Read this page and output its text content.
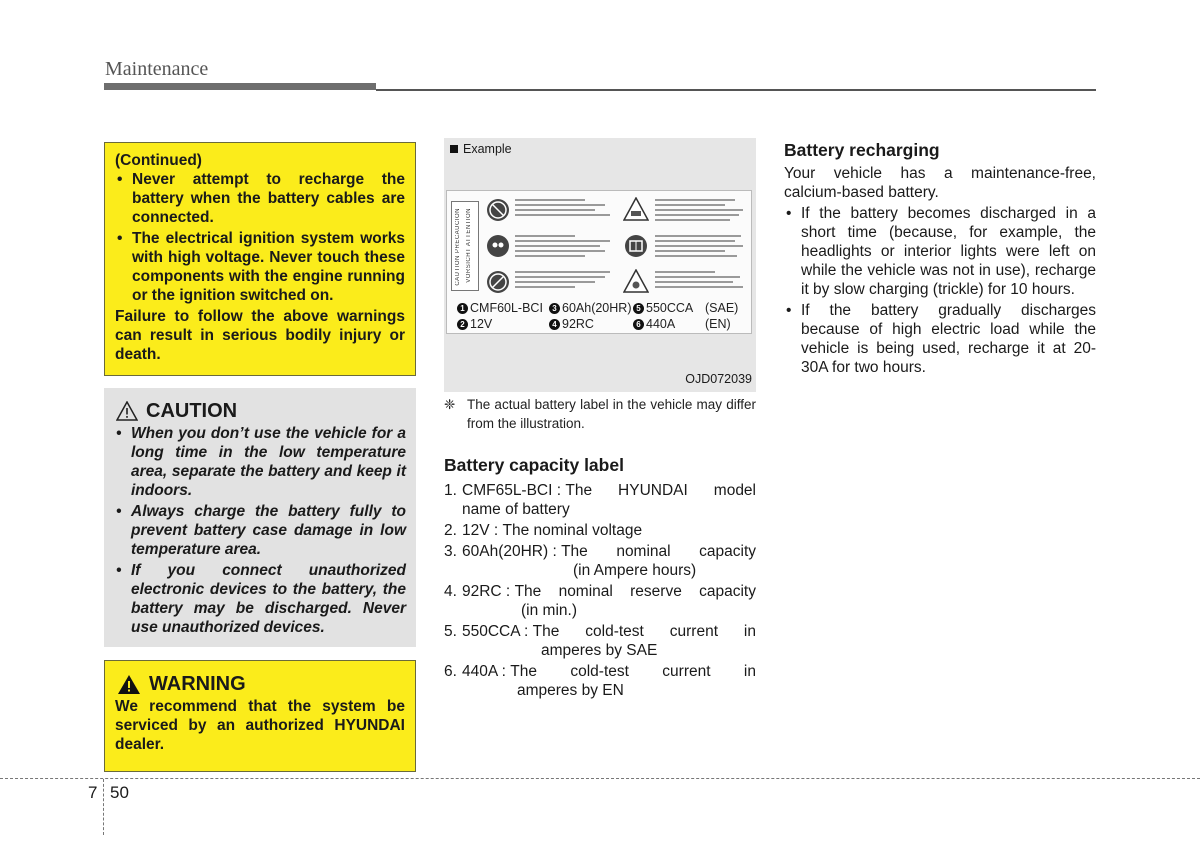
Maintenance
(Continued)
• Never attempt to recharge the battery when the battery cables are connected.
• The electrical ignition system works with high voltage. Never touch these components with the engine running or the ignition switched on.
Failure to follow the above warnings can result in serious bodily injury or death.
CAUTION
• When you don’t use the vehicle for a long time in the low temperature area, separate the battery and keep it indoors.
• Always charge the battery fully to prevent battery case damage in low temperature area.
• If you connect unauthorized electronic devices to the battery, the battery may be discharged. Never use unauthorized devices.
WARNING

We recommend that the system be serviced by an authorized HYUNDAI dealer.

Example
CAUTION PRECAUCION VORSICHT ATTENTION
1 CMF60L-BCI	3 60Ah(20HR) 5 550CCA (SAE)
2 12V	4 92RC	6 440A (EN)
OJD072039
❈ The actual battery label in the vehicle may differ from the illustration.
Battery capacity label
1. CMF65L-BCI : The HYUNDAI model
name of battery
2. 12V : The nominal voltage
3. 60Ah(20HR) : The nominal capacity
(in Ampere hours)
4. 92RC : The nominal reserve capacity
(in min.)
5. 550CCA : The cold-test current in
amperes by SAE
6. 440A : The cold-test current in
amperes by EN
Battery recharging

Your vehicle has a maintenance-free, calcium-based battery.

• If the battery becomes discharged in a short time (because, for example, the headlights or interior lights were left on while the vehicle was not in use), recharge it by slow charging (trickle) for 10 hours.
• If the battery gradually discharges because of high electric load while the vehicle is being used, recharge it at 20-30A for two hours.
7 50
